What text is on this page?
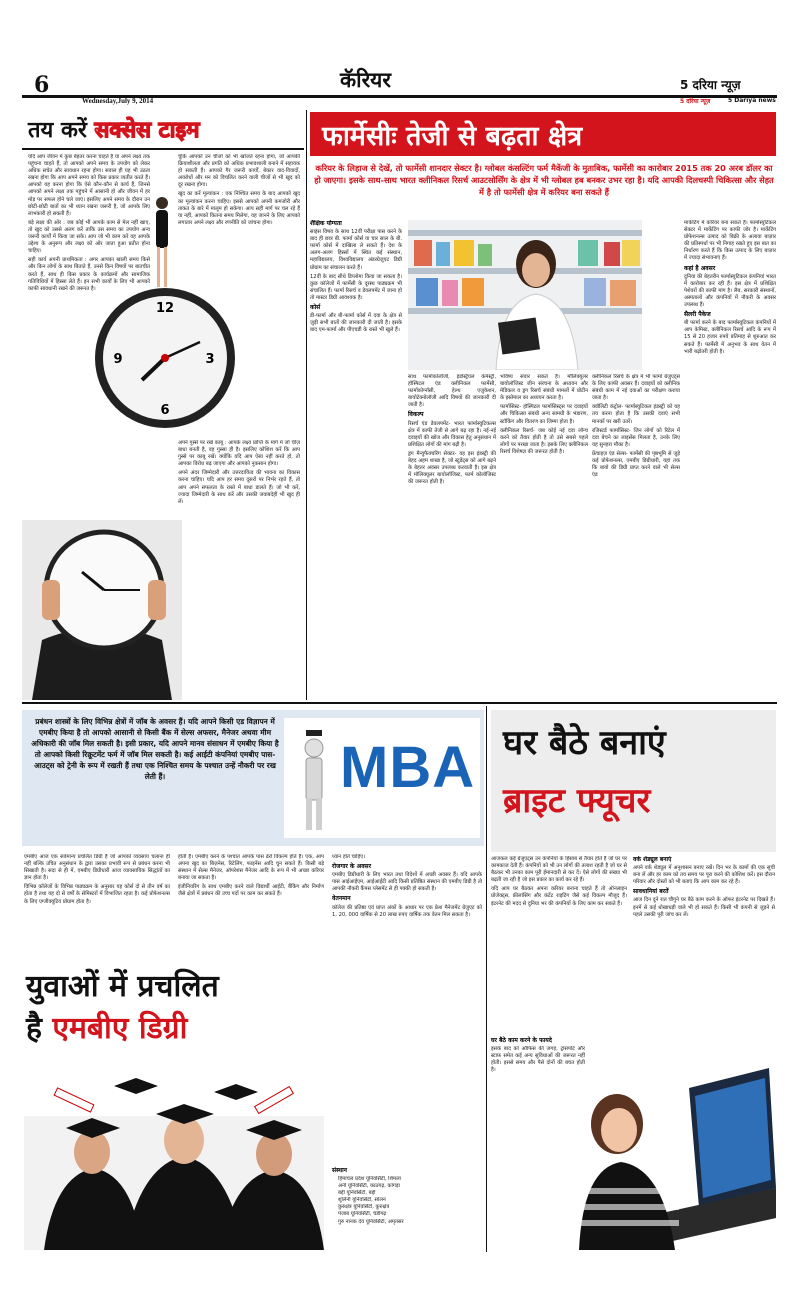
6
Wednesday,July 9, 2014
कॅरियर	5 दरिया न्यूज़
5 दरिया न्यूज़	5 Dariya news
तय करें सक्सेस टाइम
12
3
6
9

यदि आप जीवन में कुछ बेहतर करना चाहते हैं या अपने लक्ष्य तक पहुंचना चाहते हैं, तो आपको अपने समय के उपयोग को लेकर अधिक सचेत और सावधान रहना होगा। सवाल ही यह भी उठता रखना होगा कि आप अपने समय को किस प्रकार व्यतीत करते हैं। आपको यह करना होगा कि ऐसे कौन-कौन से कार्य हैं, जिनसे आपको अपने लक्ष्य तक पहुंचने में आसानी हो और जीवन में हर मोड़ पर सफल होने चले जाएं। इसलिए अपने समय के दौरान उन छोटी-छोटी बातों का भी ध्यान रखना जरूरी है, जो आपके लिए लाभकारी हो सकती हैं।

बड़े लक्ष्य की ओर : जब कोई भी आपके काम से मेल नहीं खाए, तो खुद को उससे अलग करें ताकि उस समय का उपयोग अन्य जरूरी कार्यों में किया जा सके। आप जो भी काम करें वह आपके उद्देश्य के अनुरूप और लक्ष्य को ओर जाता हुआ प्रतीत होना चाहिए।

सही कार्य अपनी प्राथमिकता : अगर आपका खाली समय किसे और किन लोगों के साथ बिताते हैं, उनसे किन विषयों पर बातचीत करते हैं, साथ ही किस प्रकार के कार्यक्रमों और सामाजिक गतिविधियों में हिस्सा लेते हैं। इन सभी कार्यों के लिए भी आपको काफी सावधानी रखने की जरूरत है।

चूंकि आपको उन चीजों को भी खोजते रहना होगा, जो आपकी क्रियाशीलता और प्रगति को अधिक प्रभावशाली बनाने में सहायक हो सकती हैं। आपको गैर जरूरी कार्यों, बेकार वाद-विवादों, अवरोधों और मन को विचलित करने वाली चीजों से भी खुद को दूर रखना होगा।

खुद का करें मूल्यांकन : एक निश्चित समय के बाद आपको खुद का मूल्यांकन करना चाहिए। इससे आपको अपनी कमजोरी और ताकत के बारे में मालूम हो सकेगा। आप सही मार्ग पर चल रहे हैं या नहीं, आपको कितना समय मिलेगा, यह जानने के लिए आपको लगातार अपने लक्ष्य और रणनीति को जांचना होगा।

अपने गुस्से पर रखें काबू : आपके लक्ष्य प्राप्ति के मार्ग में जो चीज़ बाधा बनती है, वह गुस्सा ही है। इसलिए कोशिश करें कि आप गुस्से पर काबू रखें। क्योंकि यदि आप ऐसा नहीं करते हो, तो आपका विरोध बढ़ जाएगा और आपको नुकसान होगा।

अपने अंदर जिम्मेदारी और उत्तरदायित्व की भावना का विकास करना चाहिए। यदि आप हर समय दूसरों पर निर्भर रहते हैं, तो आप अपने सफलता के रास्ते में बाधा डालते हैं। जो भी करें, ज्यादा जिम्मेदारी के साथ करें और उसकी जवाबदेही भी खुद ही लें।

फार्मेसीः तेजी से बढ़ता क्षेत्र
करियर के लिहाज से देखें, तो फार्मेसी शानदार सेक्टर है। ग्लोबल कंसल्टिंग फर्म मैकेंजी के मुताबिक, फार्मेसी का कारोबार 2015 तक 20 अरब डॉलर का हो जाएगा। इसके साथ-साथ भारत क्लीनिकल रिसर्च आउटसोर्सिंग के क्षेत्र में भी ग्लोबल हब बनकर उभर रहा है। यदि आपकी दिलचस्पी चिकित्सा और सेहत में है तो फार्मेसी क्षेत्र में करियर बना सकते हैं

शैक्षिक योग्यता

साइंस विषय के साथ 12वीं परीक्षा पास करने के बाद ही छात्र बी. फार्मा कोर्स या चार साल के बी. फार्मा कोर्स में दाखिला ले सकते हैं। देश के अलग-अलग हिस्सों में स्थित कई संस्थान, महाविद्यालय, विश्वविद्यालय अंडरग्रेजुएट डिग्री प्रोग्राम का संचालन करते हैं।

12वीं के बाद सीधे डिप्लोमा किया जा सकता है। कुछ कॉलेजों में फार्मेसी के दूरस्थ पाठ्यक्रम भी संचालित हैं। फार्मा रिसर्च व डेवलपमेंट में जाना हो तो मास्टर डिग्री आवश्यक है।

कोर्स

डी-फार्मा और बी-फार्मा कोर्स में दवा के क्षेत्र से जुड़ी सभी बातों की जानकारी दी जाती है। इसके बाद एम-फार्मा और पीएचडी के रास्ते भी खुले हैं।

साथ फार्माकोलॉजी, इंडस्ट्रियल केमेस्ट्री, हॉस्पिटल एंड क्लीनिकल फार्मेसी, फार्माकोग्नॉसी, हेल्थ एजुकेशन, बायोटेक्नोलॉजी आदि विषयों की जानकारी दी जाती है।

विकल्प

रिसर्च एंड डेवलपमेंट- भारत फार्मास्युटिकल्स क्षेत्र में काफी तेजी से आगे बढ़ रहा है। नई-नई दवाइयों की खोज और विकास हेतु अनुसंधान में प्रशिक्षित लोगों की मांग बढ़ी है।

ड्रग मैन्युफैक्चरिंग सेक्टर- यह इस इंडस्ट्री की बेहद अहम शाखा है, जो स्टूडेंट्स को आगे बढ़ने के बेहतर अवसर उपलब्ध करवाती है। इस क्षेत्र में मॉलिक्यूलर बायोलॉजिस्ट, फार्म कोलॉजिस्ट की जरूरत होती है।

भविष्य संवार सकते हैं। मॉलिक्यूलर बायोलॉजिस्ट जीन संरचना के अध्ययन और मेडिकल व ड्रग रिसर्च संबंधी मामलों में प्रोटीन के इस्तेमाल का अध्ययन करता है।

फार्मासिस्ट- हॉस्पिटल फार्मासिस्ट्स पर दवाइयों और चिकित्सा संबंधी अन्य सामग्री के भंडारण, स्टॉकिंग और वितरण का जिम्मा होता है।

क्लीनिकल रिसर्च- जब कोई नई दवा लॉन्च करने को तैयार होती है तो उसे सबसे पहले लोगों पर परखा जाता है। इसके लिए क्लीनिकल रिसर्च विशेषज्ञ की जरूरत होती है।

क्लीनिकल रिसर्च के क्षेत्र में भी फार्मा ग्रेजुएट्स के लिए काफी अवसर हैं। दवाइयों को क्लीनिक संबंधी काम में नई दवाओं का परीक्षण कराया जाता है।

क्वॉलिटी कंट्रोल- फार्मास्युटिकल इंडस्ट्री को यह तय करना होता है कि उसकी दवाएं सभी मानकों पर खरी उतरें।

रजिस्टर्ड फार्मासिस्ट- जिन लोगों को रिटेल में दवा बेचने का लाइसेंस मिलता है, उनके लिए यह सुनहरा मौका है।

फ्रेंचाइज़ एंड सेल्स- फार्मेसी की पृष्ठभूमि से जुड़े कई प्रोफेशनल्स, एमबीए डिग्रीधारी, यहां तक कि बायो की डिग्री प्राप्त करने वाले भी सेल्स एंड

मार्केटिंग में करियर बना सकते हैं। फार्मास्युटिकल सेक्टर में मार्केटिंग पर काफी जोर है। मार्केटिंग प्रोफेशनल्स उत्पाद को बिक्री के अलावा बाज़ार की प्रतिस्पर्धा पर भी निगाह रखते हुए इस बात का निर्धारण करते हैं कि किस उत्पाद के लिए बाज़ार में ज्यादा संभावनाएं हैं।

कहां है अवसर

दुनिया की बेहतरीन फार्मास्युटिकल कंपनियां भारत में कारोबार कर रही हैं। इस क्षेत्र में प्रशिक्षित पेशेवरों की काफी मांग है। लैब, सरकारी संस्थानों, अस्पतालों और कंपनियों में नौकरी के अवसर उपलब्ध हैं।

सैलरी पैकेज

बी फार्मा करने के बाद फार्मास्युटिकल कंपनियों में आप केमिस्ट, क्लीनिकल रिसर्च आदि के रूप में 15 से 20 हजार रुपये प्रतिमाह से शुरुआत कर सकते हैं। फार्मेसी में अनुभव के साथ वेतन में भारी बढ़ोतरी होती है।

प्रबंधन शास्त्रों के लिए विभिन्न क्षेत्रों में जॉब के अवसर हैं। यदि आपने किसी एड विज्ञापन में एमबीए किया है तो आपको आसानी से किसी बैंक में सेल्स अफसर, मैनेजर अथवा मीम अधिकारी की जॉब मिल सकती है। इसी प्रकार, यदि आपने मानव संसाधन में एमबीए किया है तो आपको किसी रिक्रूटमेंट फर्म में जॉब मिल सकती है। कई आईटी कंपनियां एमबीए पास-आउट्स को ट्रेनी के रूप में रखती हैं तथा एक निश्चित समय के पश्चात उन्हें नौकरी पर रख लेती हैं।	MBA

एमबीए आज एक सर्वमान्य प्रचलित डिग्री है जो आपको व्यवसाय चलाना ही नहीं बल्कि उचित अनुसंधान के द्वारा उसका प्रभावी रूप से प्रबंधन करना भी सिखाती है। सदा से ही में, एमबीए डिग्रीधारी आज व्यावसायिक सिद्धांतों का ज्ञान होता है।

विभिन्न कॉलेजों के विभिन्न पाठ्यक्रम के अनुसार यह कोर्स दो से तीन वर्ष का होता है तथा यह दो से वर्षों के सेमिस्टरों में विभाजित रहता है। कई प्रोफेशनल्स के लिए एग्जीक्यूटिव प्रोग्राम होता है।

होती है। एमबीए करने के पश्चात आपके पास ढेरों विकल्प होते हैं। एक, आप अपना खुद का बिज़नेस, रिटेलिंग, फाइनेंस आदि चुन सकते हैं। किसी बड़े संस्थान में सेल्स मैनेजर, ऑपरेशंस मैनेजर आदि के रूप में भी अच्छा करियर बनाया जा सकता है।

इंजीनियरिंग के साथ एमबीए करने वाले विद्यार्थी आईटी, बैंकिंग और निर्माण जैसे क्षेत्रों में प्रबंधन की उच्च पदों पर काम कर सकते हैं।

ध्यान होते चाहिए।

रोजगार के अवसर

एमबीए डिग्रीधारी के लिए भारत तथा विदेशों में अच्छी अवसर हैं। यदि आपके पास आईआईएम, आईआईटी आदि किसी प्रतिष्ठित संस्थान की एमबीए डिग्री है तो आपकी नौकरी कैंपस प्लेसमेंट से ही पक्की हो सकती है।

वेतनमान

कॉलेज की प्रतिष्ठा एवं प्राप्त अंकों के आधार पर एक फ्रेश मैनेजमेंट ग्रेजुएट को 1, 20, 000 वार्षिक से 20 लाख रुपए वार्षिक तक वेतन मिल सकता है।

संस्थान
हिमाचल प्रदेश यूनिवर्सिटी, शिमला
अर्नी यूनिवर्सिटी, काठगढ़, कांगड़ा
बद्दी यूनिवर्सिटी, बद्दी
शूलिनी यूनिवर्सिटी, सोलन
कुरुक्षेत्र यूनिवर्सिटी, कुरुक्षेत्र
पंजाब यूनिवर्सिटी, चंडीगढ़
गुरु नानक देव यूनिवर्सिटी, अमृतसर
युवाओं में प्रचलित
है एमबीए डिग्री
घर बैठे बनाएं
ब्राइट फ्यूचर

आजकल कई ग्रेजुएट्स उन कंपनियों के हिसाब से तैयार होते हैं जो घर पर कामकाज देती हैं। कंपनियों को भी उन लोगों की तलाश रहती है जो घर से बैठकर भी उनका काम पूरी ईमानदारी से कर दें। ऐसे लोगों की संख्या भी बढ़ती जा रही है जो इस प्रकार का कार्य कर रहे हैं।

यदि आप घर बैठकर अपना करियर बनाना चाहते हैं तो ऑनलाइन प्रोजेक्ट्स, फ्रीलांसिंग और कंटेंट राइटिंग जैसे कई विकल्प मौजूद हैं। इंटरनेट की मदद से दुनिया भर की कंपनियों के लिए काम कर सकते हैं।

घर बैठे काम करने के फायदे
इसके बाद को ऑफिस की जगह, ट्रांसपोर्ट और स्टाफ़ समेत कई अन्य सुविधाओं की जरूरत नहीं होती। इससे समय और पैसे दोनों की बचत होती है।

वर्क शेड्यूल बनाएं

अपने वर्क शेड्यूल में अनुशासन बनाए रखें। दिन भर के कामों की एक सूची बना लें और हर काम को तय समय पर पूरा करने की कोशिश करें। इस दौरान परिवार और दोस्तों को भी बताएं कि आप काम कर रहे हैं।

सावधानियां बरतें

आज दिन दूने रात चौगुने घर बैठे काम करने के ऑफर इंटरनेट पर दिखते हैं। इनमें से कई धोखाधड़ी वाले भी हो सकते हैं। किसी भी कंपनी से जुड़ने से पहले उसकी पूरी जांच कर लें।
